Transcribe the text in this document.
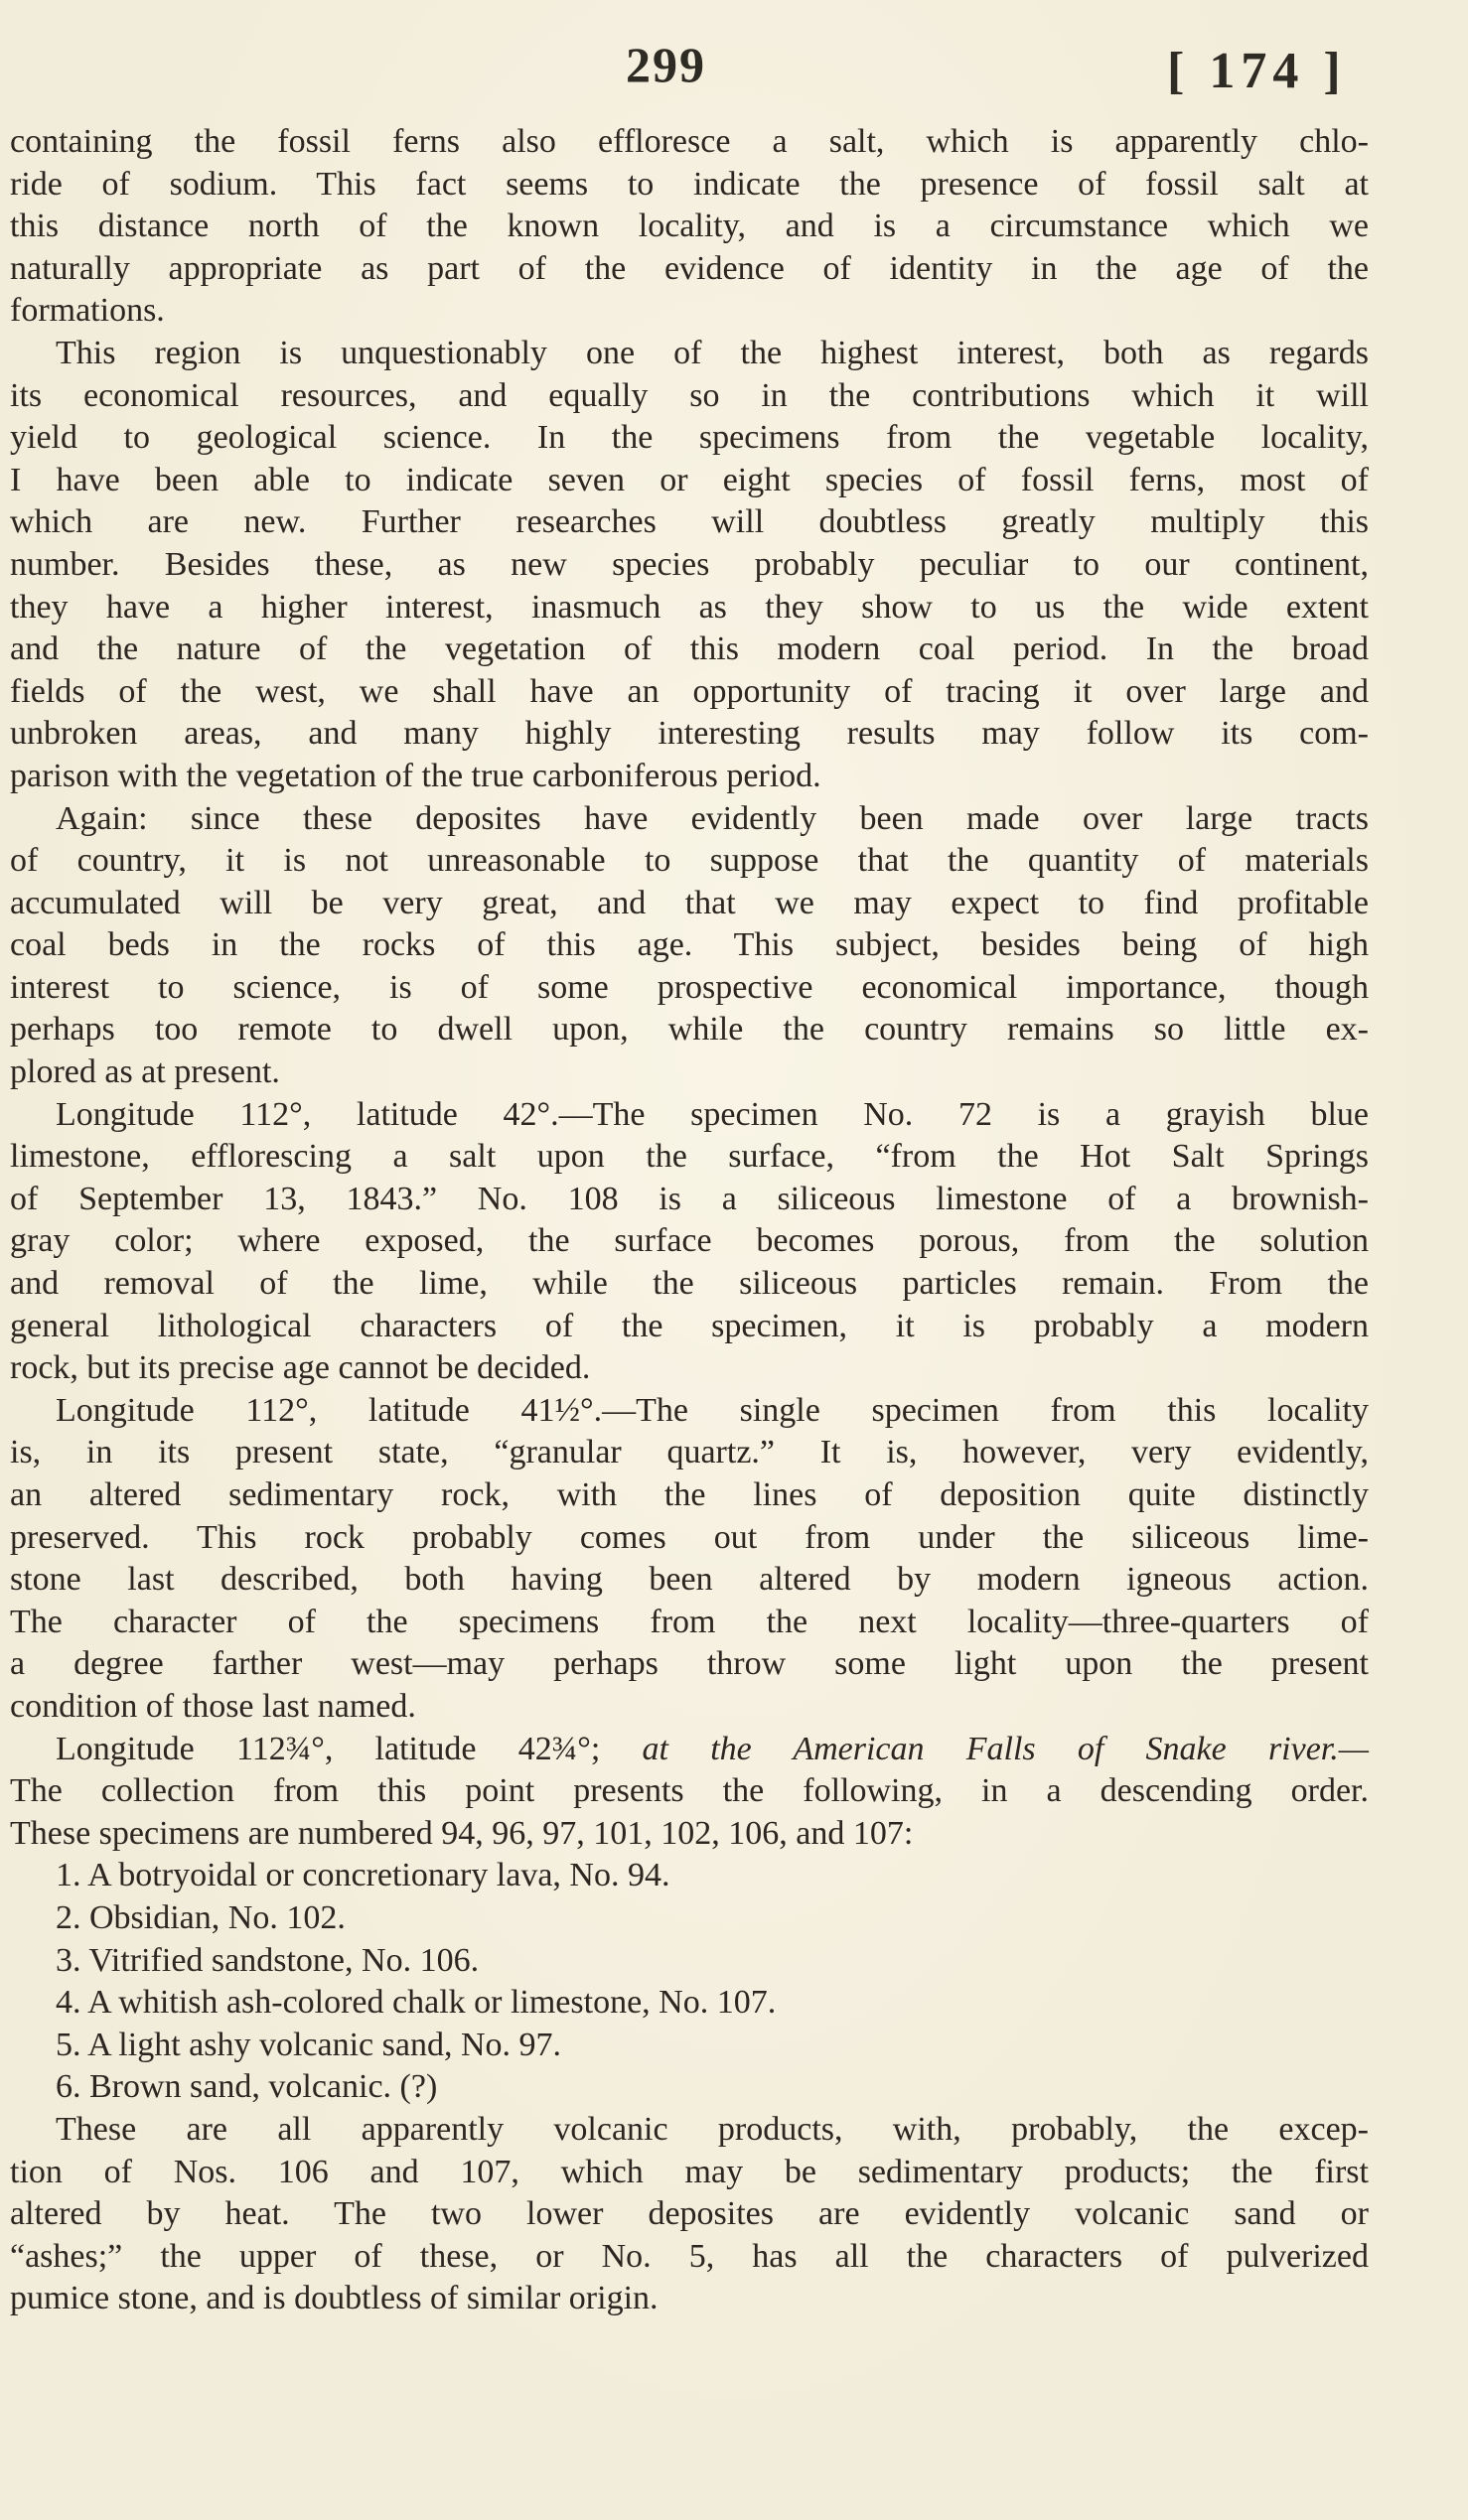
299	[ 174 ]
containing the fossil ferns also effloresce a salt, which is apparently chlo-
ride of sodium. This fact seems to indicate the presence of fossil salt at
this distance north of the known locality, and is a circumstance which we
naturally appropriate as part of the evidence of identity in the age of the
formations.
This region is unquestionably one of the highest interest, both as regards
its economical resources, and equally so in the contributions which it will
yield to geological science. In the specimens from the vegetable locality,
I have been able to indicate seven or eight species of fossil ferns, most of
which are new. Further researches will doubtless greatly multiply this
number. Besides these, as new species probably peculiar to our continent,
they have a higher interest, inasmuch as they show to us the wide extent
and the nature of the vegetation of this modern coal period. In the broad
fields of the west, we shall have an opportunity of tracing it over large and
unbroken areas, and many highly interesting results may follow its com-
parison with the vegetation of the true carboniferous period.
Again: since these deposites have evidently been made over large tracts
of country, it is not unreasonable to suppose that the quantity of materials
accumulated will be very great, and that we may expect to find profitable
coal beds in the rocks of this age. This subject, besides being of high
interest to science, is of some prospective economical importance, though
perhaps too remote to dwell upon, while the country remains so little ex-
plored as at present.
Longitude 112°, latitude 42°.—The specimen No. 72 is a grayish blue
limestone, efflorescing a salt upon the surface, “from the Hot Salt Springs
of September 13, 1843.” No. 108 is a siliceous limestone of a brownish-
gray color; where exposed, the surface becomes porous, from the solution
and removal of the lime, while the siliceous particles remain. From the
general lithological characters of the specimen, it is probably a modern
rock, but its precise age cannot be decided.
Longitude 112°, latitude 41½°.—The single specimen from this locality
is, in its present state, “granular quartz.” It is, however, very evidently,
an altered sedimentary rock, with the lines of deposition quite distinctly
preserved. This rock probably comes out from under the siliceous lime-
stone last described, both having been altered by modern igneous action.
The character of the specimens from the next locality—three-quarters of
a degree farther west—may perhaps throw some light upon the present
condition of those last named.
Longitude 112¾°, latitude 42¾°; at the American Falls of Snake river.—
The collection from this point presents the following, in a descending order.
These specimens are numbered 94, 96, 97, 101, 102, 106, and 107:
1. A botryoidal or concretionary lava, No. 94.
2. Obsidian, No. 102.
3. Vitrified sandstone, No. 106.
4. A whitish ash-colored chalk or limestone, No. 107.
5. A light ashy volcanic sand, No. 97.
6. Brown sand, volcanic. (?)
These are all apparently volcanic products, with, probably, the excep-
tion of Nos. 106 and 107, which may be sedimentary products; the first
altered by heat. The two lower deposites are evidently volcanic sand or
“ashes;” the upper of these, or No. 5, has all the characters of pulverized
pumice stone, and is doubtless of similar origin.
